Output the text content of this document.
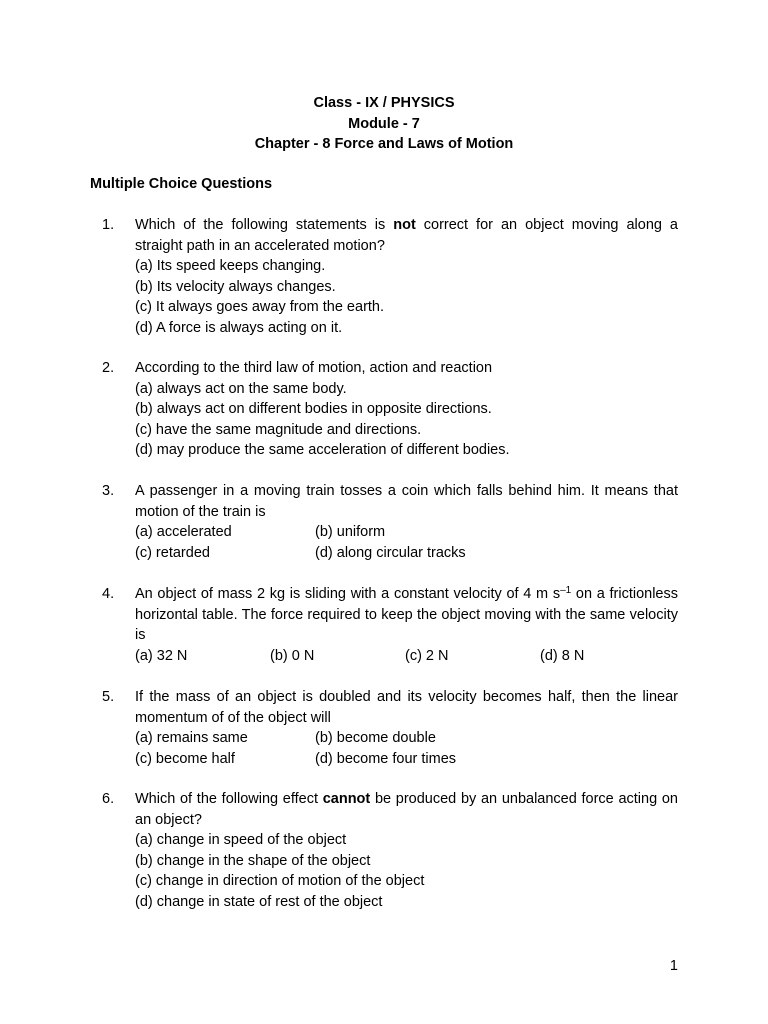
Class - IX / PHYSICS
Module - 7
Chapter - 8 Force and Laws of Motion
Multiple Choice Questions
1. Which of the following statements is not correct for an object moving along a straight path in an accelerated motion?
(a) Its speed keeps changing.
(b) Its velocity always changes.
(c) It always goes away from the earth.
(d) A force is always acting on it.
2. According to the third law of motion, action and reaction
(a) always act on the same body.
(b) always act on different bodies in opposite directions.
(c) have the same magnitude and directions.
(d) may produce the same acceleration of different bodies.
3. A passenger in a moving train tosses a coin which falls behind him. It means that motion of the train is
(a) accelerated	(b) uniform
(c) retarded	(d) along circular tracks
4. An object of mass 2 kg is sliding with a constant velocity of 4 m $s^{-1}$ on a frictionless horizontal table. The force required to keep the object moving with the same velocity is
(a) 32 N	(b) 0 N	(c) 2 N	(d) 8 N
5. If the mass of an object is doubled and its velocity becomes half, then the linear momentum of of the object will
(a) remains same	(b) become double
(c) become half	(d) become four times
6. Which of the following effect cannot be produced by an unbalanced force acting on an object?
(a) change in speed of the object
(b) change in the shape of the object
(c) change in direction of motion of the object
(d) change in state of rest of the object
1
